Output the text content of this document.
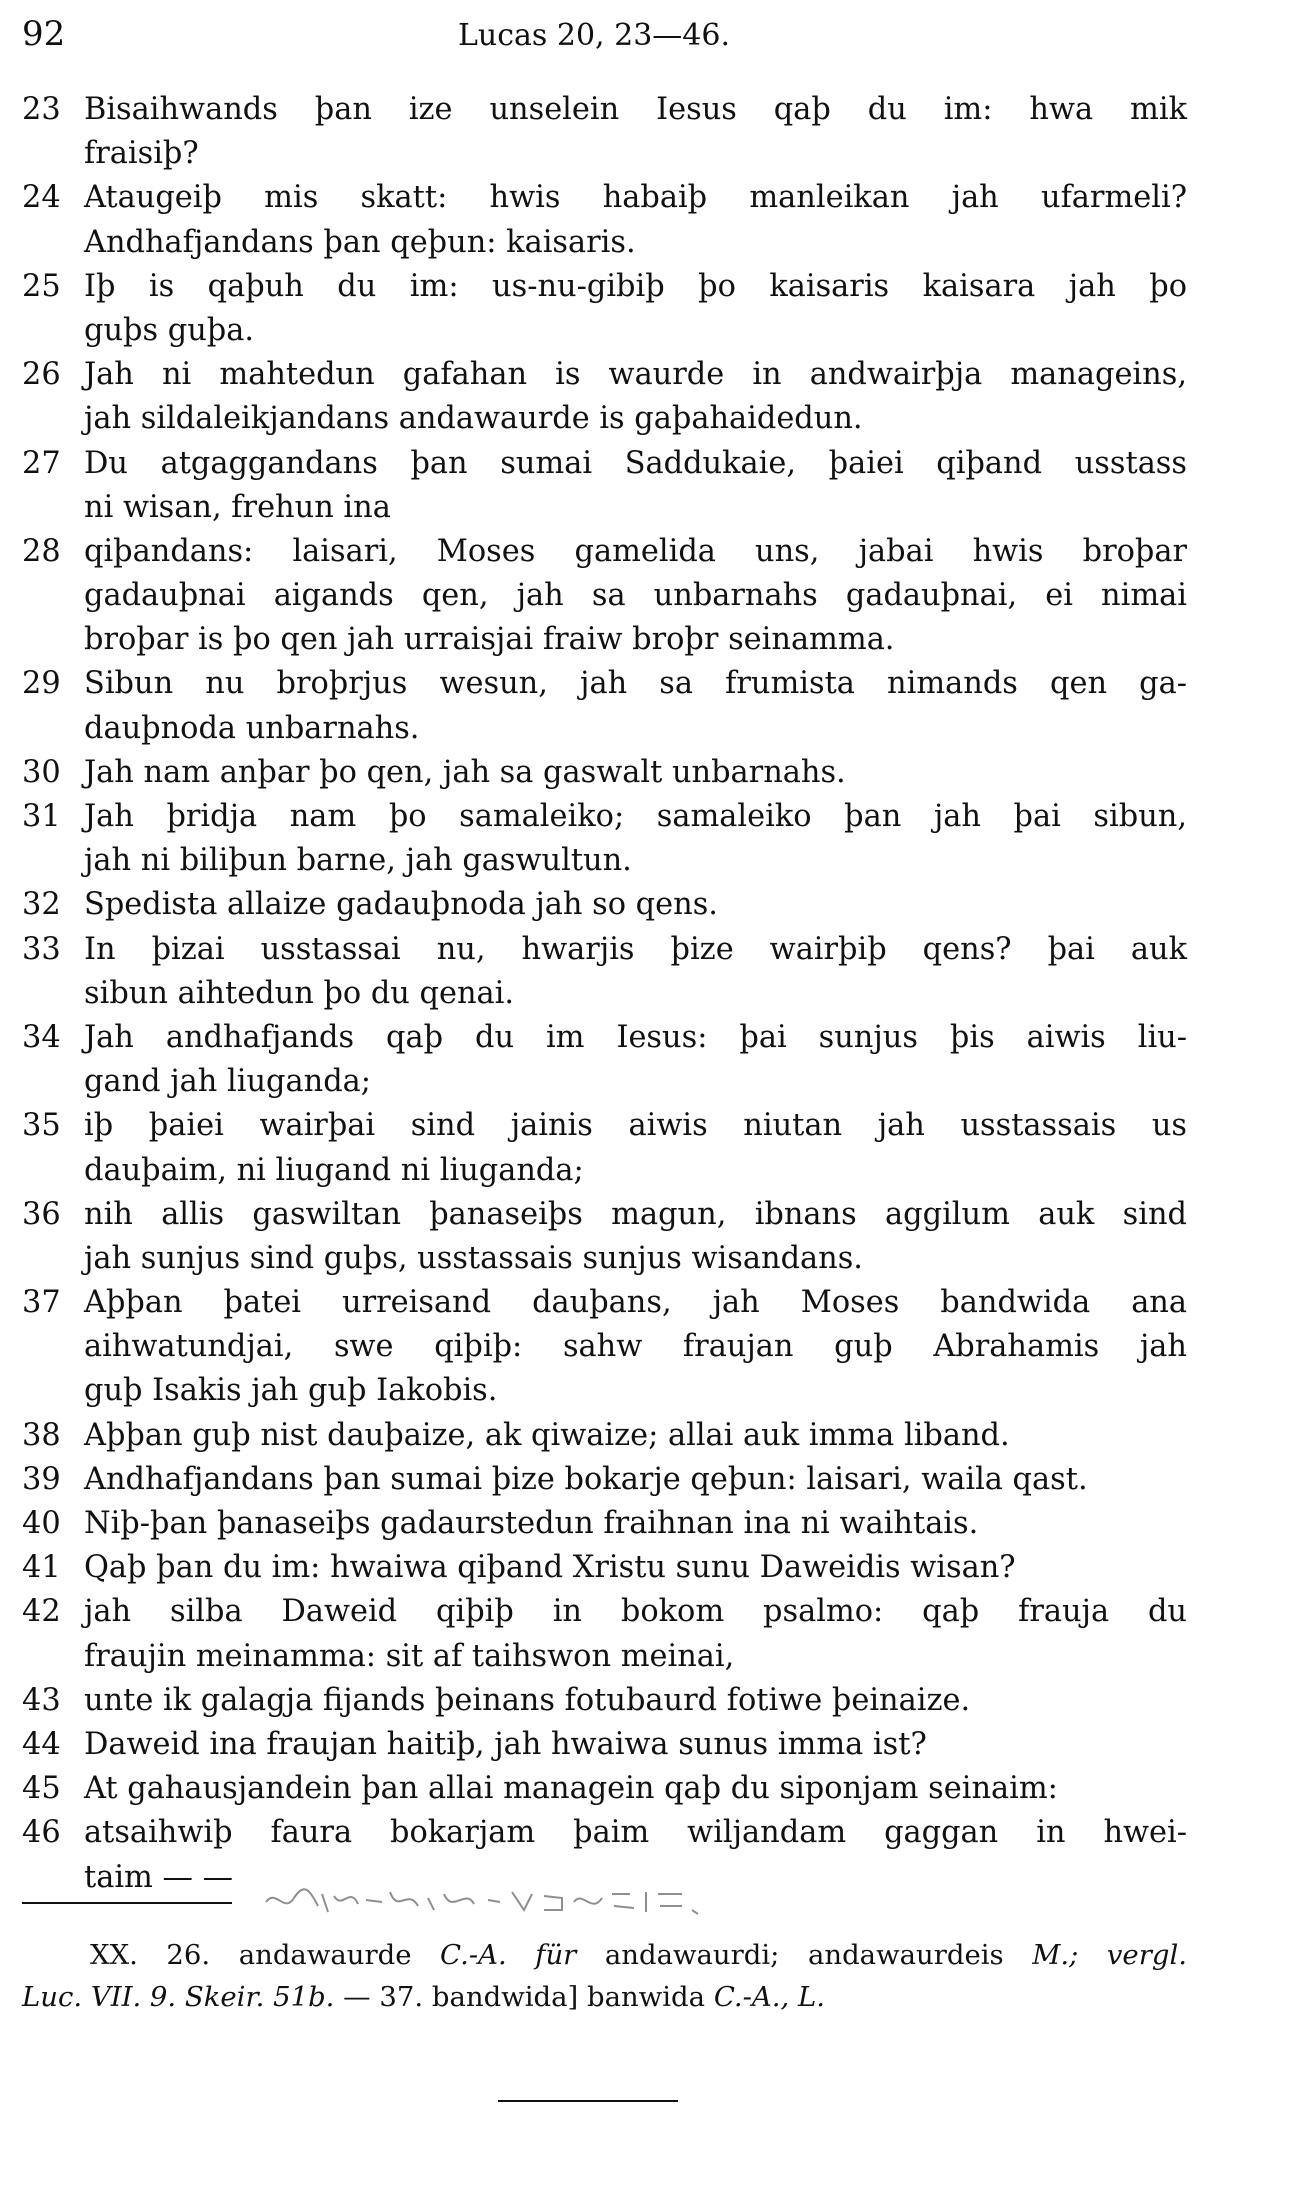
92	Lucas 20, 23—46.
23 Bisaihwands þan ize unselein Iesus qaþ du im: hwa mik
fraisiþ?
24 Ataugeiþ mis skatt: hwis habaiþ manleikan jah ufarmeli?
Andhafjandans þan qeþun: kaisaris.
25 Iþ is qaþuh du im: us-nu-gibiþ þo kaisaris kaisara jah þo
guþs guþa.
26 Jah ni mahtedun gafahan is waurde in andwairþja manageins,
jah sildaleikjandans andawaurde is gaþahaidedun.
27 Du atgaggandans þan sumai Saddukaie, þaiei qiþand usstass
ni wisan, frehun ina
28 qiþandans: laisari, Moses gamelida uns, jabai hwis broþar
gadauþnai aigands qen, jah sa unbarnahs gadauþnai, ei nimai
broþar is þo qen jah urraisjai fraiw broþr seinamma.
29 Sibun nu broþrjus wesun, jah sa frumista nimands qen ga-
dauþnoda unbarnahs.
30 Jah nam anþar þo qen, jah sa gaswalt unbarnahs.
31 Jah þridja nam þo samaleiko; samaleiko þan jah þai sibun,
jah ni biliþun barne, jah gaswultun.
32 Spedista allaize gadauþnoda jah so qens.
33 In þizai usstassai nu, hwarjis þize wairþiþ qens? þai auk
sibun aihtedun þo du qenai.
34 Jah andhafjands qaþ du im Iesus: þai sunjus þis aiwis liu-
gand jah liuganda;
35 iþ þaiei wairþai sind jainis aiwis niutan jah usstassais us
dauþaim, ni liugand ni liuganda;
36 nih allis gaswiltan þanaseiþs magun, ibnans aggilum auk sind
jah sunjus sind guþs, usstassais sunjus wisandans.
37 Aþþan þatei urreisand dauþans, jah Moses bandwida ana
aihwatundjai, swe qiþiþ: sahw fraujan guþ Abrahamis jah
guþ Isakis jah guþ Iakobis.
38 Aþþan guþ nist dauþaize, ak qiwaize; allai auk imma liband.
39 Andhafjandans þan sumai þize bokarje qeþun: laisari, waila qast.
40 Niþ-þan þanaseiþs gadaurstedun fraihnan ina ni waihtais.
41 Qaþ þan du im: hwaiwa qiþand Xristu sunu Daweidis wisan?
42 jah silba Daweid qiþiþ in bokom psalmo: qaþ frauja du
fraujin meinamma: sit af taihswon meinai,
43 unte ik galagja fijands þeinans fotubaurd fotiwe þeinaize.
44 Daweid ina fraujan haitiþ, jah hwaiwa sunus imma ist?
45 At gahausjandein þan allai managein qaþ du siponjam seinaim:
46 atsaihwiþ faura bokarjam þaim wiljandam gaggan in hwei-
taim — —
XX. 26. andawaurde C.-A. für andawaurdi; andawaurdeis M.; vergl.
Luc. VII. 9. Skeir. 51b. — 37. bandwida] banwida C.-A., L.
